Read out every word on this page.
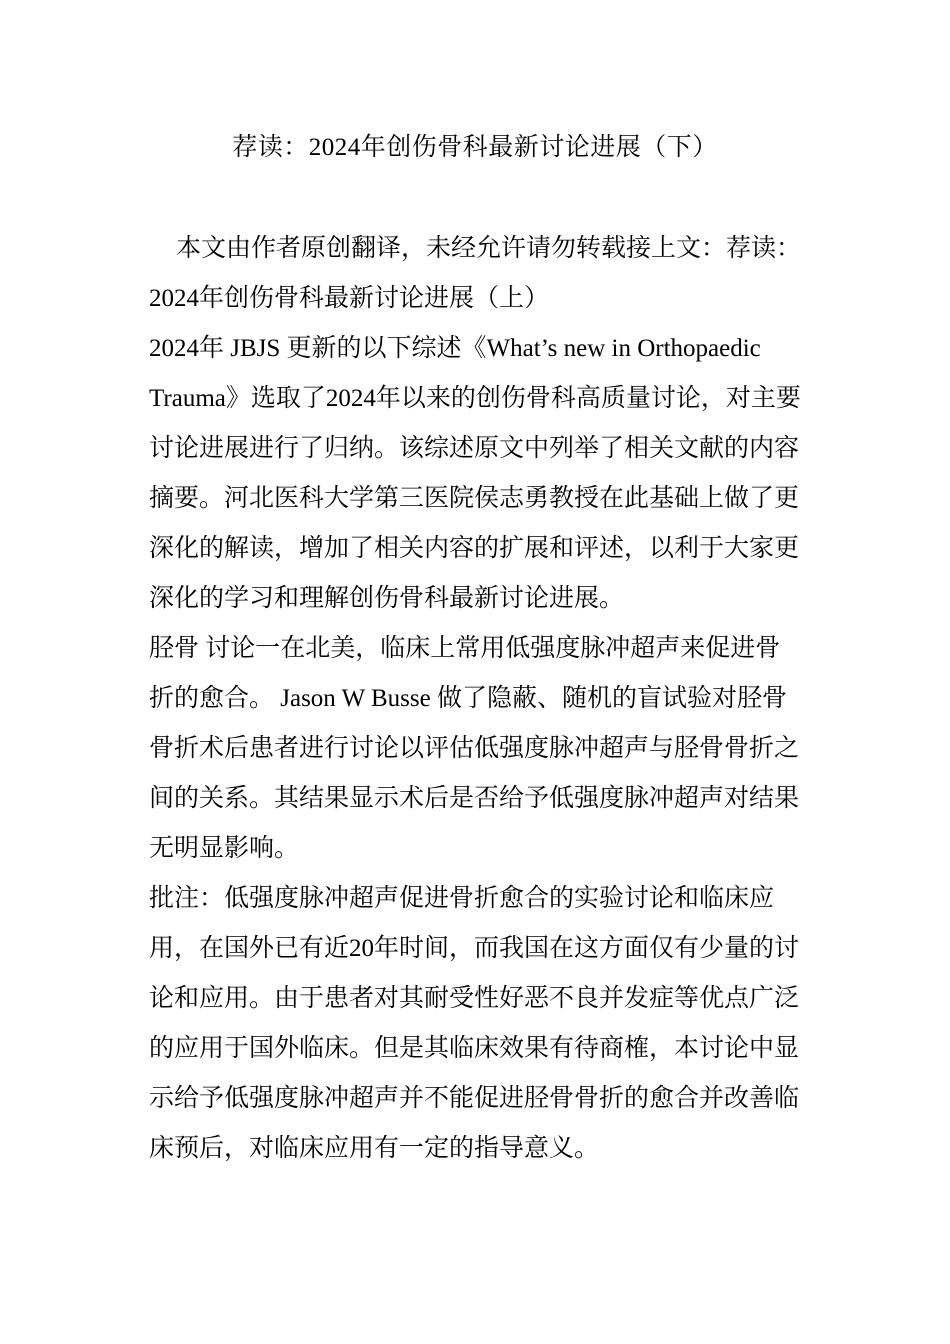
荐读：2024年创伤骨科最新讨论进展（下）

本文由作者原创翻译，未经允许请勿转载接上文：荐读：2024年创伤骨科最新讨论进展（上）

2024年 JBJS 更新的以下综述《What’s new in Orthopaedic Trauma》选取了2024年以来的创伤骨科高质量讨论，对主要讨论进展进行了归纳。该综述原文中列举了相关文献的内容摘要。河北医科大学第三医院侯志勇教授在此基础上做了更深化的解读，增加了相关内容的扩展和评述，以利于大家更深化的学习和理解创伤骨科最新讨论进展。

胫骨 讨论一在北美，临床上常用低强度脉冲超声来促进骨折的愈合。 Jason W Busse 做了隐蔽、随机的盲试验对胫骨骨折术后患者进行讨论以评估低强度脉冲超声与胫骨骨折之间的关系。其结果显示术后是否给予低强度脉冲超声对结果无明显影响。

批注：低强度脉冲超声促进骨折愈合的实验讨论和临床应用，在国外已有近20年时间，而我国在这方面仅有少量的讨论和应用。由于患者对其耐受性好恶不良并发症等优点广泛的应用于国外临床。但是其临床效果有待商榷，本讨论中显示给予低强度脉冲超声并不能促进胫骨骨折的愈合并改善临床预后，对临床应用有一定的指导意义。
